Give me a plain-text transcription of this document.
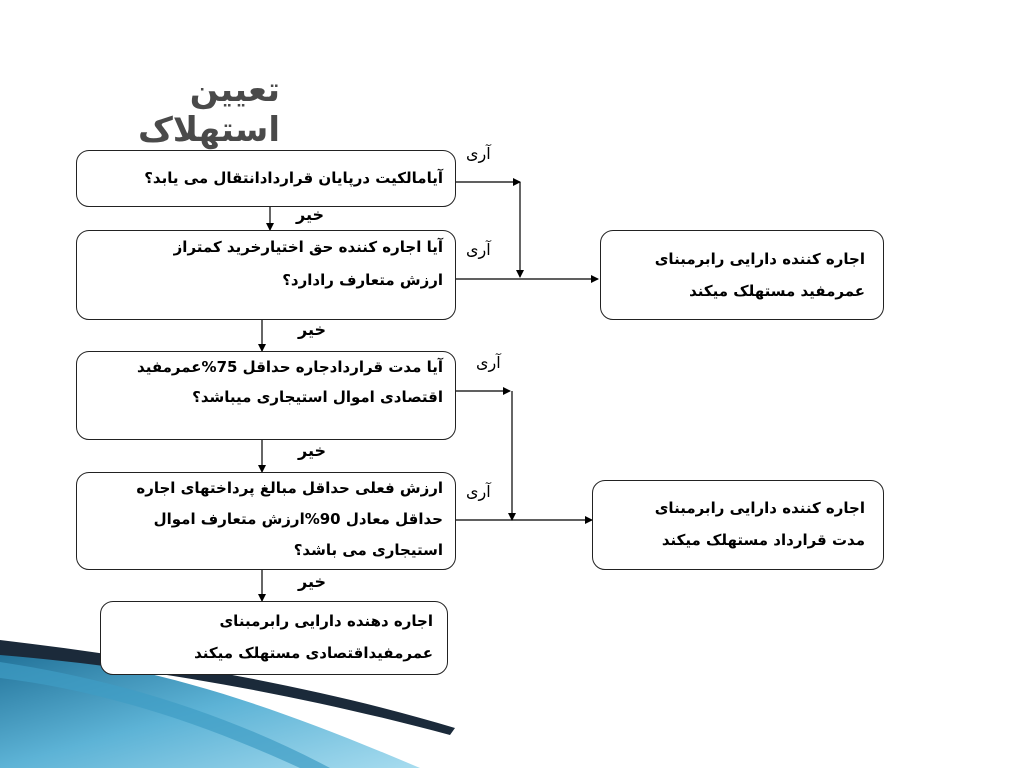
تعیین استهلاک
آیامالکیت درپایان قراردادانتقال می یابد؟
آیا اجاره کننده حق اختیارخرید کمتراز
ارزش متعارف رادارد؟
آیا مدت قراردادجاره حداقل 75%عمرمفید
اقتصادی اموال استیجاری میباشد؟
ارزش فعلی حداقل مبالغ پرداختهای اجاره
حداقل معادل 90%ارزش متعارف اموال
استیجاری می باشد؟
اجاره کننده دارایی رابرمبنای
عمرمفید مستهلک میکند
اجاره کننده دارایی رابرمبنای
مدت قرارداد مستهلک میکند
اجاره دهنده دارایی رابرمبنای
عمرمفیداقتصادی مستهلک میکند
آری
آری
آری
آری
خیر
خیر
خیر
خیر
